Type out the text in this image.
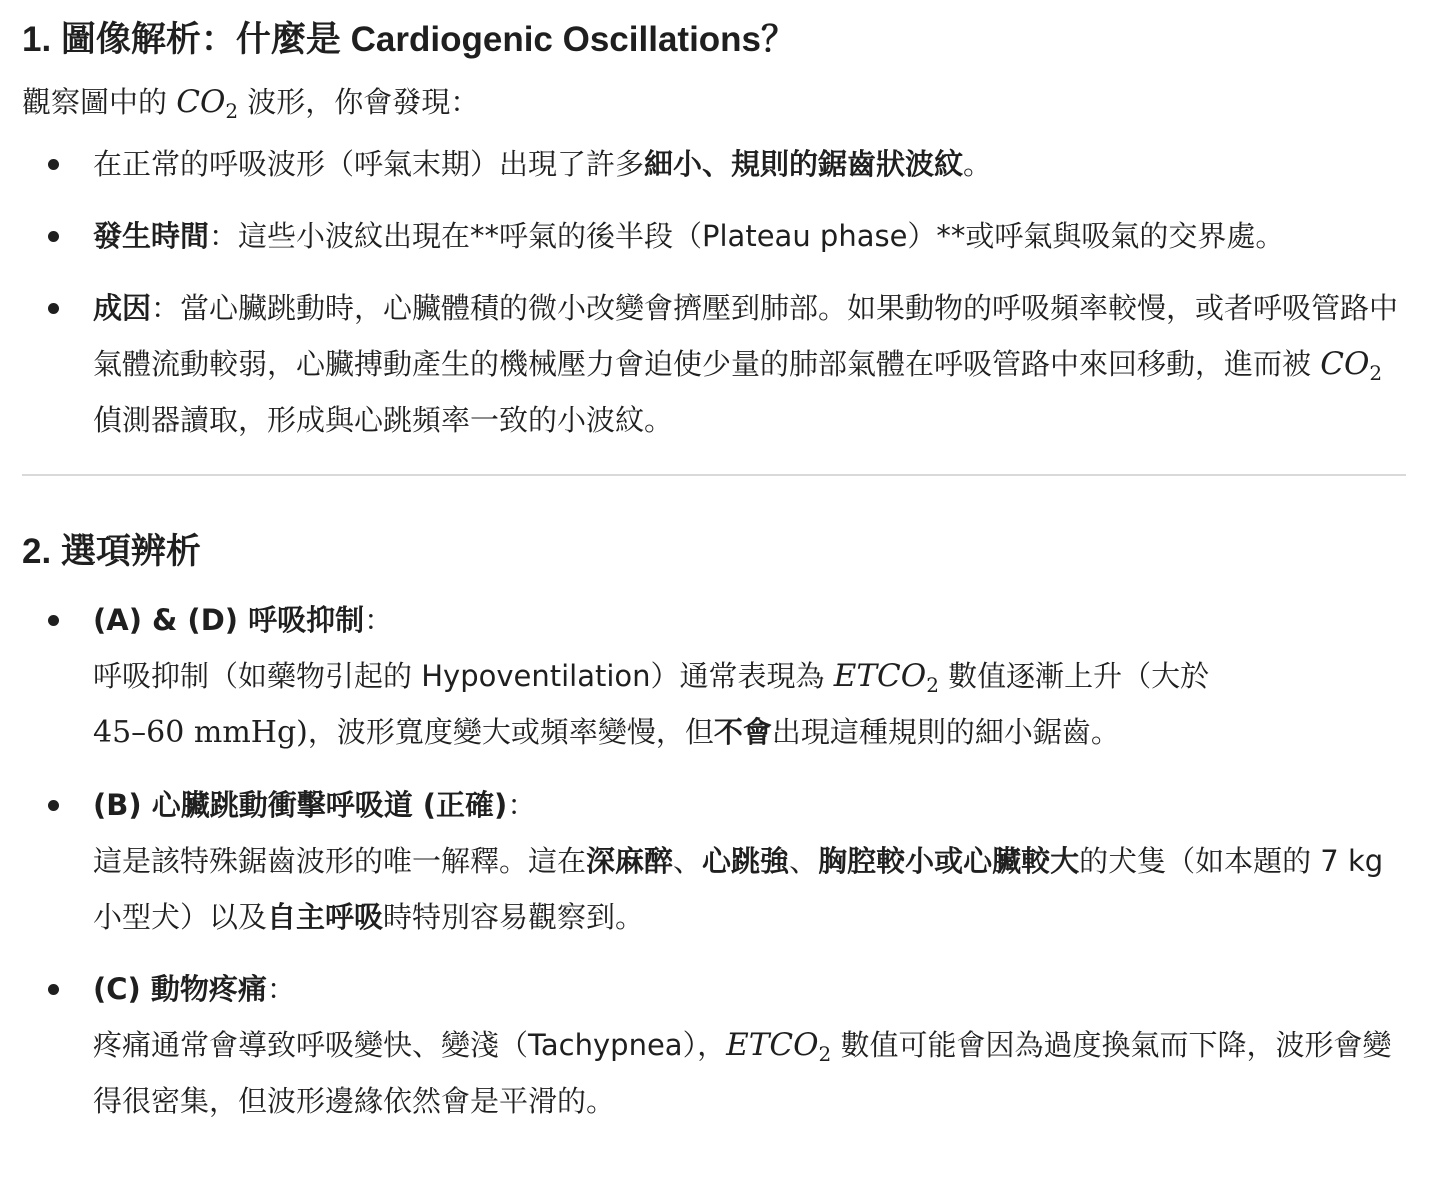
1. 圖像解析：什麼是 Cardiogenic Oscillations？

觀察圖中的 $CO_2$ 波形，你會發現：

在正常的呼吸波形（呼氣末期）出現了許多細小、規則的鋸齒狀波紋。
發生時間：這些小波紋出現在**呼氣的後半段（Plateau phase）**或呼氣與吸氣的交界處。
成因：當心臟跳動時，心臟體積的微小改變會擠壓到肺部。如果動物的呼吸頻率較慢，或者呼吸管路中氣體流動較弱，心臟搏動產生的機械壓力會迫使少量的肺部氣體在呼吸管路中來回移動，進而被 $CO_2$ 偵測器讀取，形成與心跳頻率一致的小波紋。
2. 選項辨析
(A) & (D) 呼吸抑制：
呼吸抑制（如藥物引起的 Hypoventilation）通常表現為 $ETCO_2$ 數值逐漸上升（大於
45–60 mmHg)，波形寬度變大或頻率變慢，但不會出現這種規則的細小鋸齒。
(B) 心臟跳動衝擊呼吸道 (正確)：
這是該特殊鋸齒波形的唯一解釋。這在深麻醉、心跳強、胸腔較小或心臟較大的犬隻（如本題的 7 kg 小型犬）以及自主呼吸時特別容易觀察到。
(C) 動物疼痛：
疼痛通常會導致呼吸變快、變淺（Tachypnea），$ETCO_2$ 數值可能會因為過度換氣而下降，波形會變得很密集，但波形邊緣依然會是平滑的。
